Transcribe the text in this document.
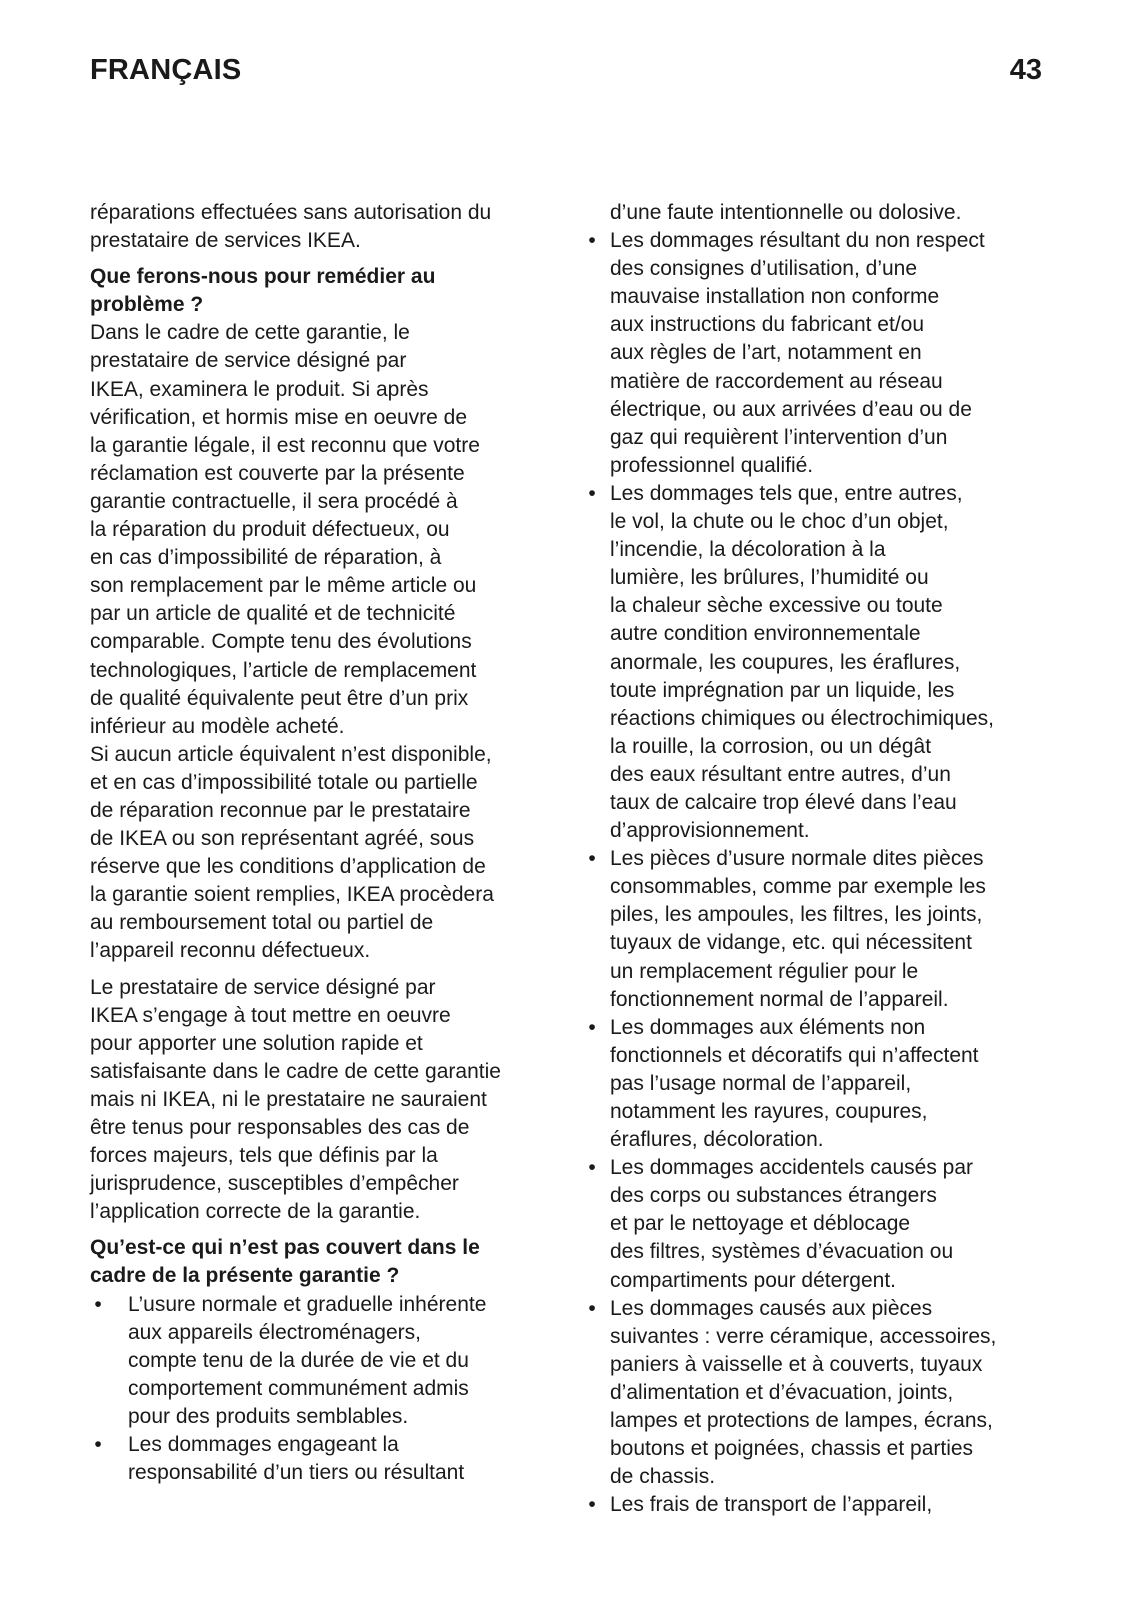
FRANÇAIS	43
réparations effectuées sans autorisation du
prestataire de services IKEA.
Que ferons-nous pour remédier au
problème ?
Dans le cadre de cette garantie, le
prestataire de service désigné par
IKEA, examinera le produit. Si après
vérification, et hormis mise en oeuvre de
la garantie légale, il est reconnu que votre
réclamation est couverte par la présente
garantie contractuelle, il sera procédé à
la réparation du produit défectueux, ou
en cas d’impossibilité de réparation, à
son remplacement par le même article ou
par un article de qualité et de technicité
comparable. Compte tenu des évolutions
technologiques, l’article de remplacement
de qualité équivalente peut être d’un prix
inférieur au modèle acheté.
Si aucun article équivalent n’est disponible,
et en cas d’impossibilité totale ou partielle
de réparation reconnue par le prestataire
de IKEA ou son représentant agréé, sous
réserve que les conditions d’application de
la garantie soient remplies, IKEA procèdera
au remboursement total ou partiel de
l’appareil reconnu défectueux.
Le prestataire de service désigné par
IKEA s’engage à tout mettre en oeuvre
pour apporter une solution rapide et
satisfaisante dans le cadre de cette garantie
mais ni IKEA, ni le prestataire ne sauraient
être tenus pour responsables des cas de
forces majeurs, tels que définis par la
jurisprudence, susceptibles d’empêcher
l’application correcte de la garantie.
Qu’est-ce qui n’est pas couvert dans le
cadre de la présente garantie ?
• L’usure normale et graduelle inhérente
aux appareils électroménagers,
compte tenu de la durée de vie et du
comportement communément admis
pour des produits semblables.
• Les dommages engageant la
responsabilité d’un tiers ou résultant
d’une faute intentionnelle ou dolosive.
• Les dommages résultant du non respect
des consignes d’utilisation, d’une
mauvaise installation non conforme
aux instructions du fabricant et/ou
aux règles de l’art, notamment en
matière de raccordement au réseau
électrique, ou aux arrivées d’eau ou de
gaz qui requièrent l’intervention d’un
professionnel qualifié.
• Les dommages tels que, entre autres,
le vol, la chute ou le choc d’un objet,
l’incendie, la décoloration à la
lumière, les brûlures, l’humidité ou
la chaleur sèche excessive ou toute
autre condition environnementale
anormale, les coupures, les éraflures,
toute imprégnation par un liquide, les
réactions chimiques ou électrochimiques,
la rouille, la corrosion, ou un dégât
des eaux résultant entre autres, d’un
taux de calcaire trop élevé dans l’eau
d’approvisionnement.
• Les pièces d’usure normale dites pièces
consommables, comme par exemple les
piles, les ampoules, les filtres, les joints,
tuyaux de vidange, etc. qui nécessitent
un remplacement régulier pour le
fonctionnement normal de l’appareil.
• Les dommages aux éléments non
fonctionnels et décoratifs qui n’affectent
pas l’usage normal de l’appareil,
notamment les rayures, coupures,
éraflures, décoloration.
• Les dommages accidentels causés par
des corps ou substances étrangers
et par le nettoyage et déblocage
des filtres, systèmes d’évacuation ou
compartiments pour détergent.
• Les dommages causés aux pièces
suivantes : verre céramique, accessoires,
paniers à vaisselle et à couverts, tuyaux
d’alimentation et d’évacuation, joints,
lampes et protections de lampes, écrans,
boutons et poignées, chassis et parties
de chassis.
• Les frais de transport de l’appareil,
